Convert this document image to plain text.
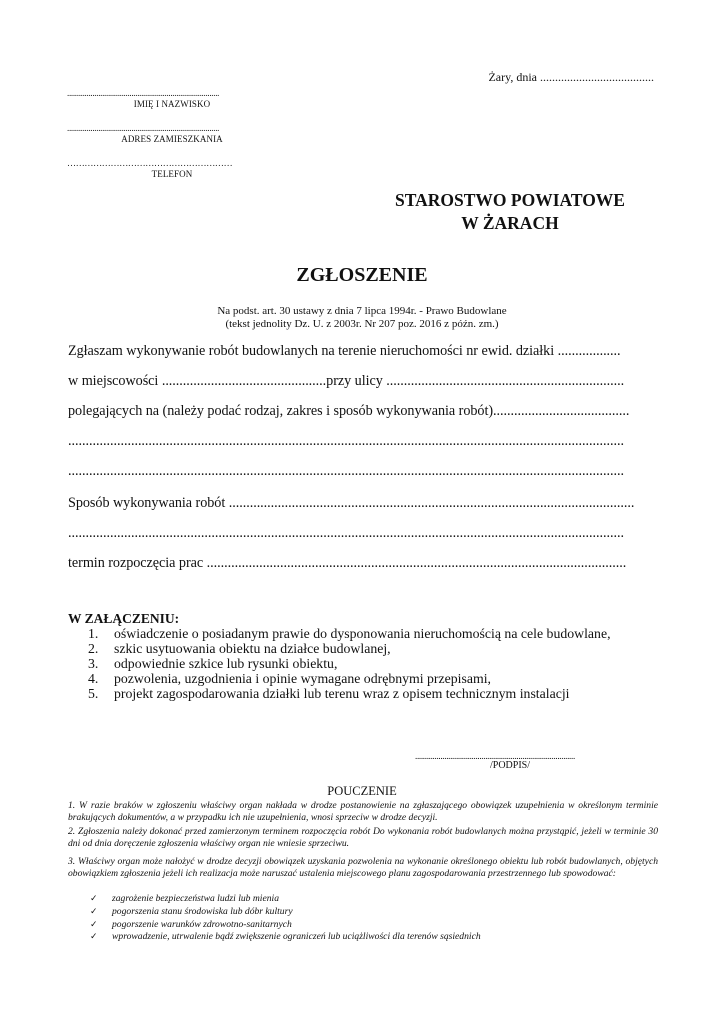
Żary, dnia ......................................
..............................................................................
IMIĘ I NAZWISKO
..............................................................................
ADRES ZAMIESZKANIA
…………………………………………………
TELEFON
STAROSTWO POWIATOWE
W ŻARACH
ZGŁOSZENIE
Na podst. art. 30 ustawy z dnia 7 lipca 1994r. - Prawo Budowlane
(tekst jednolity Dz. U. z 2003r. Nr 207 poz. 2016 z późn. zm.)
Zgłaszam wykonywanie robót budowlanych na terenie nieruchomości nr ewid. działki ..................
w miejscowości ...............................................przy ulicy ....................................................................
polegających na (należy podać rodzaj, zakres i sposób wykonywania robót).......................................
...............................................................................................................................................................
...............................................................................................................................................................
Sposób wykonywania robót ....................................................................................................................
...............................................................................................................................................................
termin rozpoczęcia prac ........................................................................................................................
W ZAŁĄCZENIU:
1. oświadczenie o posiadanym prawie do dysponowania nieruchomością na cele budowlane,
2. szkic usytuowania obiektu na działce budowlanej,
3. odpowiednie szkice lub rysunki obiektu,
4. pozwolenia, uzgodnienia i opinie wymagane odrębnymi przepisami,
5. projekt zagospodarowania działki lub terenu wraz z opisem technicznym instalacji
..................................................................................
/PODPIS/
POUCZENIE
1. W razie braków w zgłoszeniu właściwy organ nakłada w drodze postanowienie na zgłaszającego obowiązek uzupełnienia w określonym terminie brakujących dokumentów, a w przypadku ich nie uzupełnienia, wnosi sprzeciw w drodze decyzji.
2. Zgłoszenia należy dokonać przed zamierzonym terminem rozpoczęcia robót Do wykonania robót budowlanych można przystąpić, jeżeli w terminie 30 dni od dnia doręczenie zgłoszenia właściwy organ nie wniesie sprzeciwu.
3. Właściwy organ może nałożyć w drodze decyzji obowiązek uzyskania pozwolenia na wykonanie określonego obiektu lub robót budowlanych, objętych obowiązkiem zgłoszenia jeżeli ich realizacja może naruszać ustalenia miejscowego planu zagospodarowania przestrzennego lub spowodować:
✓ zagrożenie bezpieczeństwa ludzi lub mienia
✓ pogorszenia stanu środowiska lub dóbr kultury
✓ pogorszenie warunków zdrowotno-sanitarnych
✓ wprowadzenie, utrwalenie bądź zwiększenie ograniczeń lub uciążliwości dla terenów sąsiednich
